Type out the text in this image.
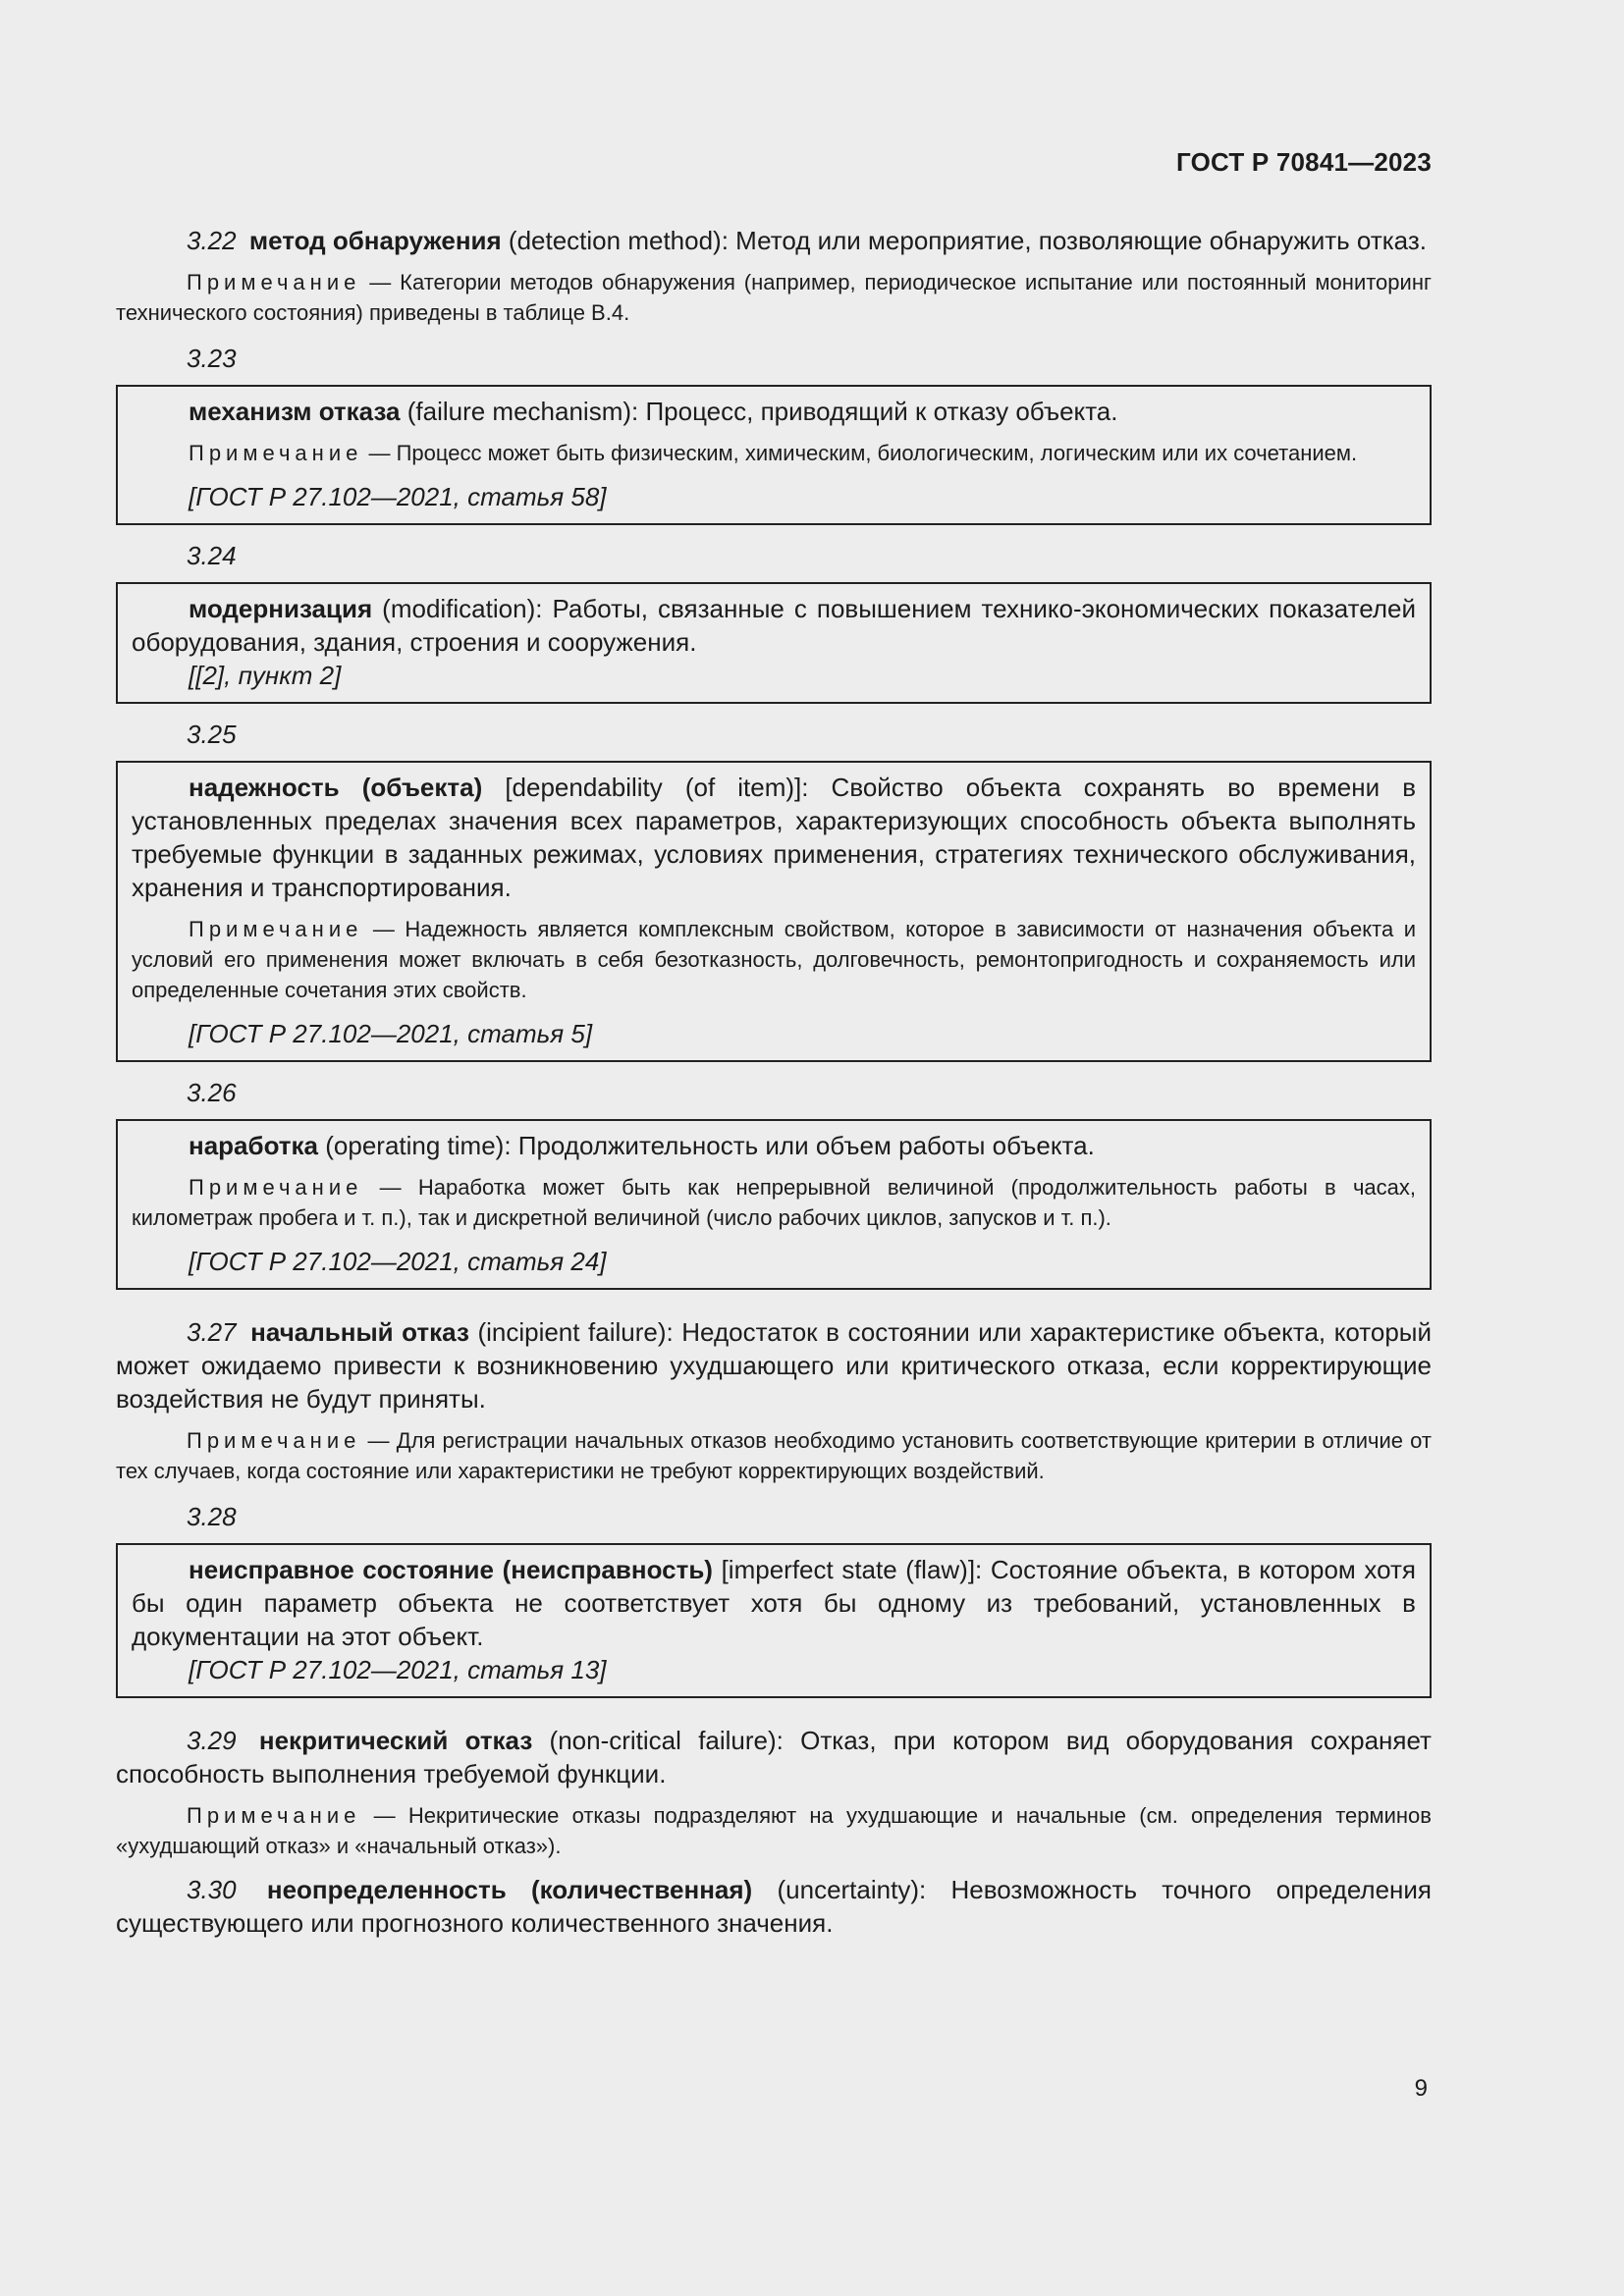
ГОСТ Р 70841—2023

3.22 метод обнаружения (detection method): Метод или мероприятие, позволяющие обнаружить отказ.

Примечание — Категории методов обнаружения (например, периодическое испытание или постоянный мониторинг технического состояния) приведены в таблице В.4.

3.23

механизм отказа (failure mechanism): Процесс, приводящий к отказу объекта.

Примечание — Процесс может быть физическим, химическим, биологическим, логическим или их сочетанием.

[ГОСТ Р 27.102—2021, статья 58]
3.24

модернизация (modification): Работы, связанные с повышением технико-экономических показателей оборудования, здания, строения и сооружения.

[[2], пункт 2]
3.25

надежность (объекта) [dependability (of item)]: Свойство объекта сохранять во времени в установленных пределах значения всех параметров, характеризующих способность объекта выполнять требуемые функции в заданных режимах, условиях применения, стратегиях технического обслуживания, хранения и транспортирования.

Примечание — Надежность является комплексным свойством, которое в зависимости от назначения объекта и условий его применения может включать в себя безотказность, долговечность, ремонтопригодность и сохраняемость или определенные сочетания этих свойств.

[ГОСТ Р 27.102—2021, статья 5]
3.26

наработка (operating time): Продолжительность или объем работы объекта.

Примечание — Наработка может быть как непрерывной величиной (продолжительность работы в часах, километраж пробега и т. п.), так и дискретной величиной (число рабочих циклов, запусков и т. п.).

[ГОСТ Р 27.102—2021, статья 24]

3.27 начальный отказ (incipient failure): Недостаток в состоянии или характеристике объекта, который может ожидаемо привести к возникновению ухудшающего или критического отказа, если корректирующие воздействия не будут приняты.

Примечание — Для регистрации начальных отказов необходимо установить соответствующие критерии в отличие от тех случаев, когда состояние или характеристики не требуют корректирующих воздействий.

3.28

неисправное состояние (неисправность) [imperfect state (flaw)]: Состояние объекта, в котором хотя бы один параметр объекта не соответствует хотя бы одному из требований, установленных в документации на этот объект.

[ГОСТ Р 27.102—2021, статья 13]

3.29 некритический отказ (non-critical failure): Отказ, при котором вид оборудования сохраняет способность выполнения требуемой функции.

Примечание — Некритические отказы подразделяют на ухудшающие и начальные (см. определения терминов «ухудшающий отказ» и «начальный отказ»).

3.30 неопределенность (количественная) (uncertainty): Невозможность точного определения существующего или прогнозного количественного значения.

9
